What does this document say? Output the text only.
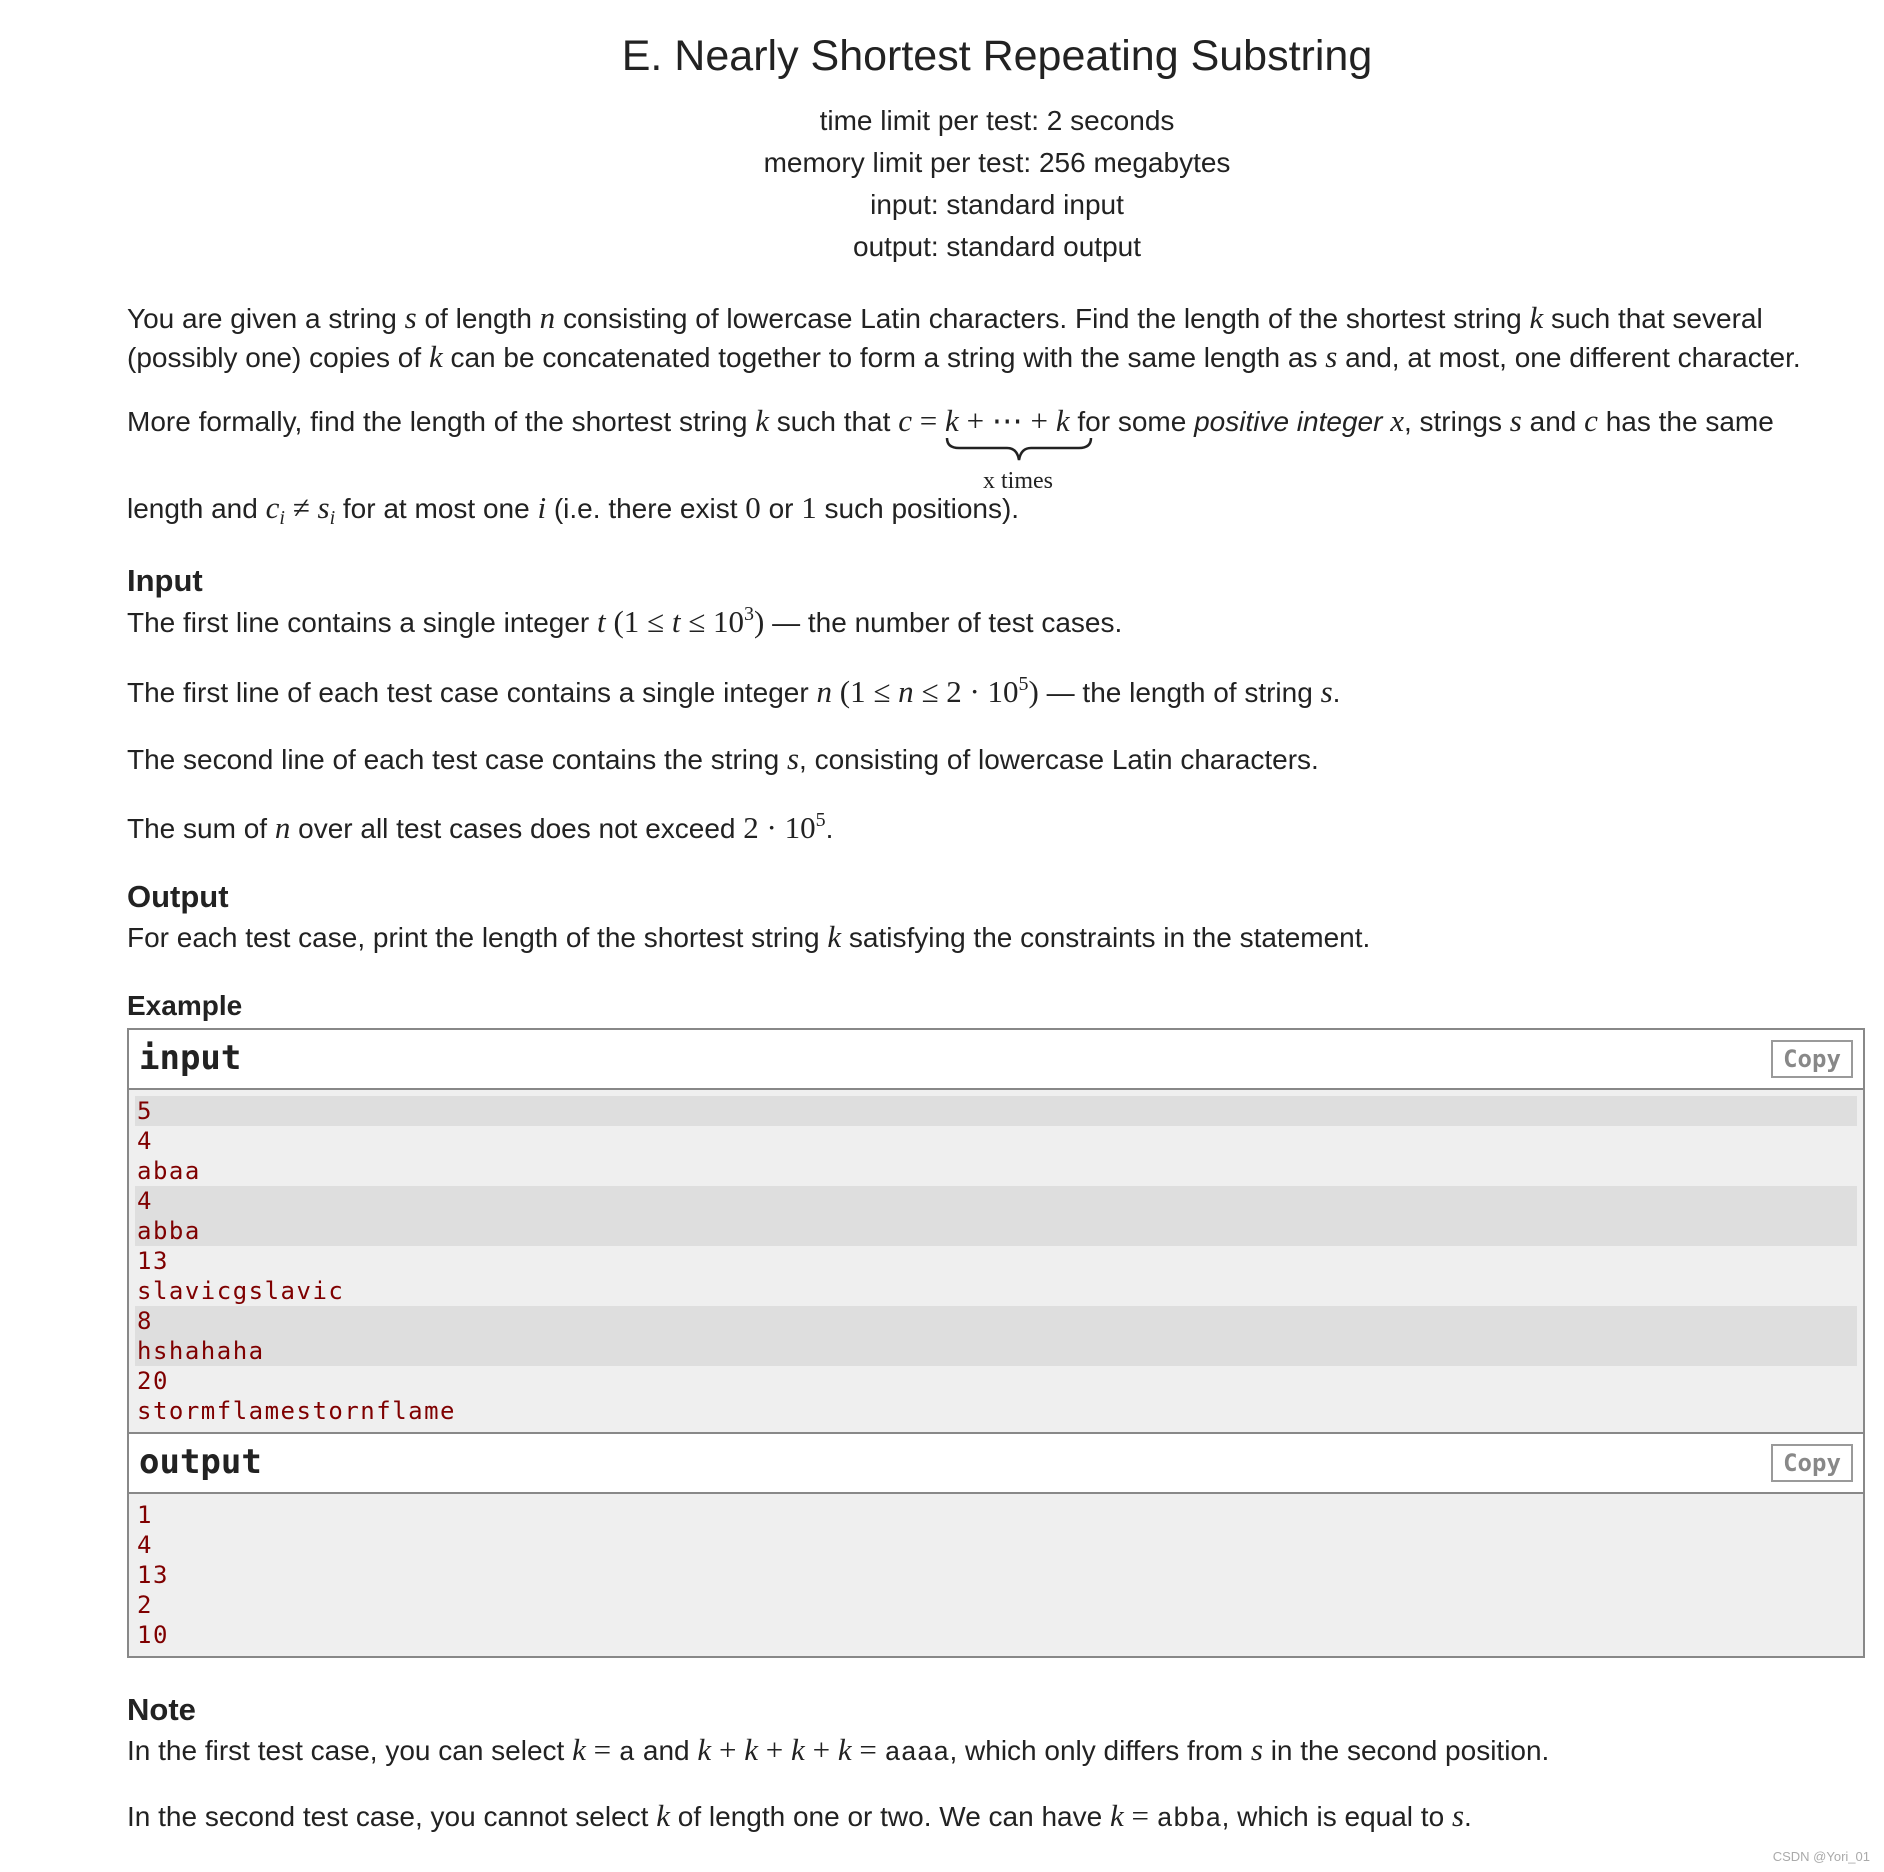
E. Nearly Shortest Repeating Substring
time limit per test: 2 seconds
memory limit per test: 256 megabytes
input: standard input
output: standard output
You are given a string s of length n consisting of lowercase Latin characters. Find the length of the shortest string k such that several
(possibly one) copies of k can be concatenated together to form a string with the same length as s and, at most, one different character.
More formally, find the length of the shortest string k such that c = k + ⋯ + k
x times
for some positive integer x, strings s and c has the same
length and $c_i \ne s_i$ for at most one i (i.e. there exist 0 or 1 such positions).
Input
The first line contains a single integer t $(1 \le t \le 10^3)$ — the number of test cases.
The first line of each test case contains a single integer n $(1 \le n \le 2 \cdot 10^5)$ — the length of string s.
The second line of each test case contains the string s, consisting of lowercase Latin characters.
The sum of n over all test cases does not exceed $2 \cdot 10^5$.
Output
For each test case, print the length of the shortest string k satisfying the constraints in the statement.
Example
input	Copy
5
4
abaa
4
abba
13
slavicgslavic
8
hshahaha
20
stormflamestornflame
output	Copy
1
4
13
2
10
Note
In the first test case, you can select k = a and k + k + k + k = aaaa, which only differs from s in the second position.
In the second test case, you cannot select k of length one or two. We can have k = abba, which is equal to s.
CSDN @Yori_01
